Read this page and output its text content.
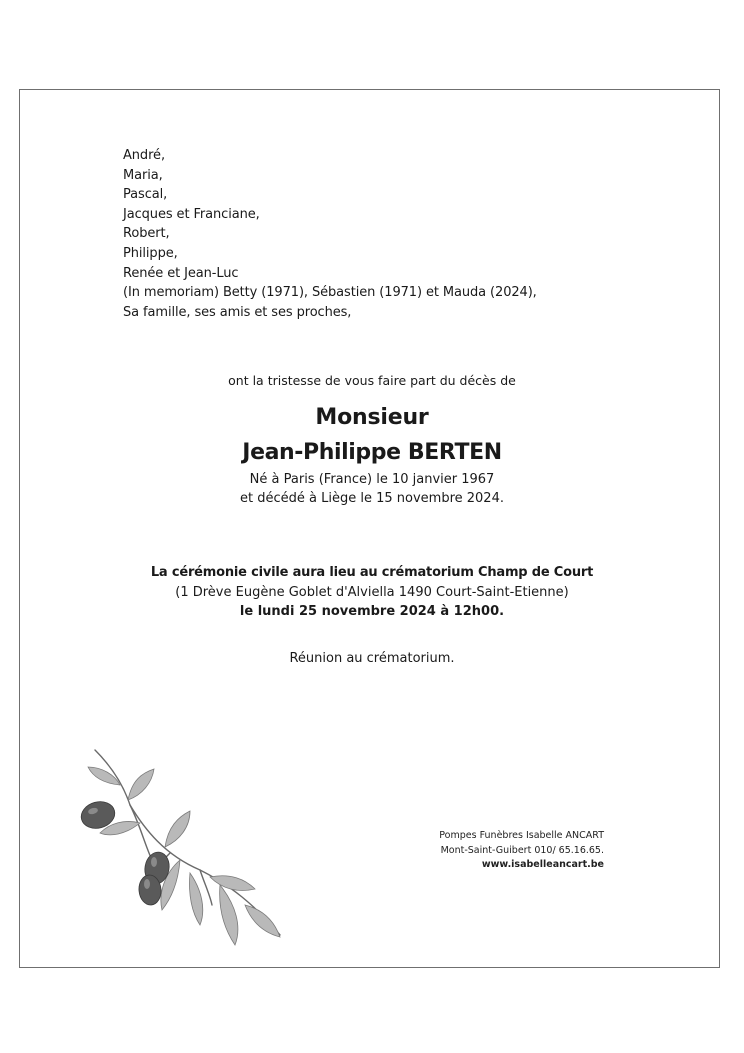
André,
Maria,
Pascal,
Jacques et Franciane,
Robert,
Philippe,
Renée et Jean-Luc
(In memoriam) Betty (1971), Sébastien (1971) et Mauda (2024),
Sa famille, ses amis et ses proches,
ont la tristesse de vous faire part du décès de
Monsieur
Jean-Philippe BERTEN
Né à Paris (France) le 10 janvier 1967
et décédé à Liège le 15 novembre 2024.
La cérémonie civile aura lieu au crématorium Champ de Court
(1 Drève Eugène Goblet d'Alviella 1490 Court-Saint-Etienne)
le lundi 25 novembre 2024 à 12h00.
Réunion au crématorium.
Pompes Funèbres Isabelle ANCART
Mont-Saint-Guibert 010/ 65.16.65.
www.isabelleancart.be
